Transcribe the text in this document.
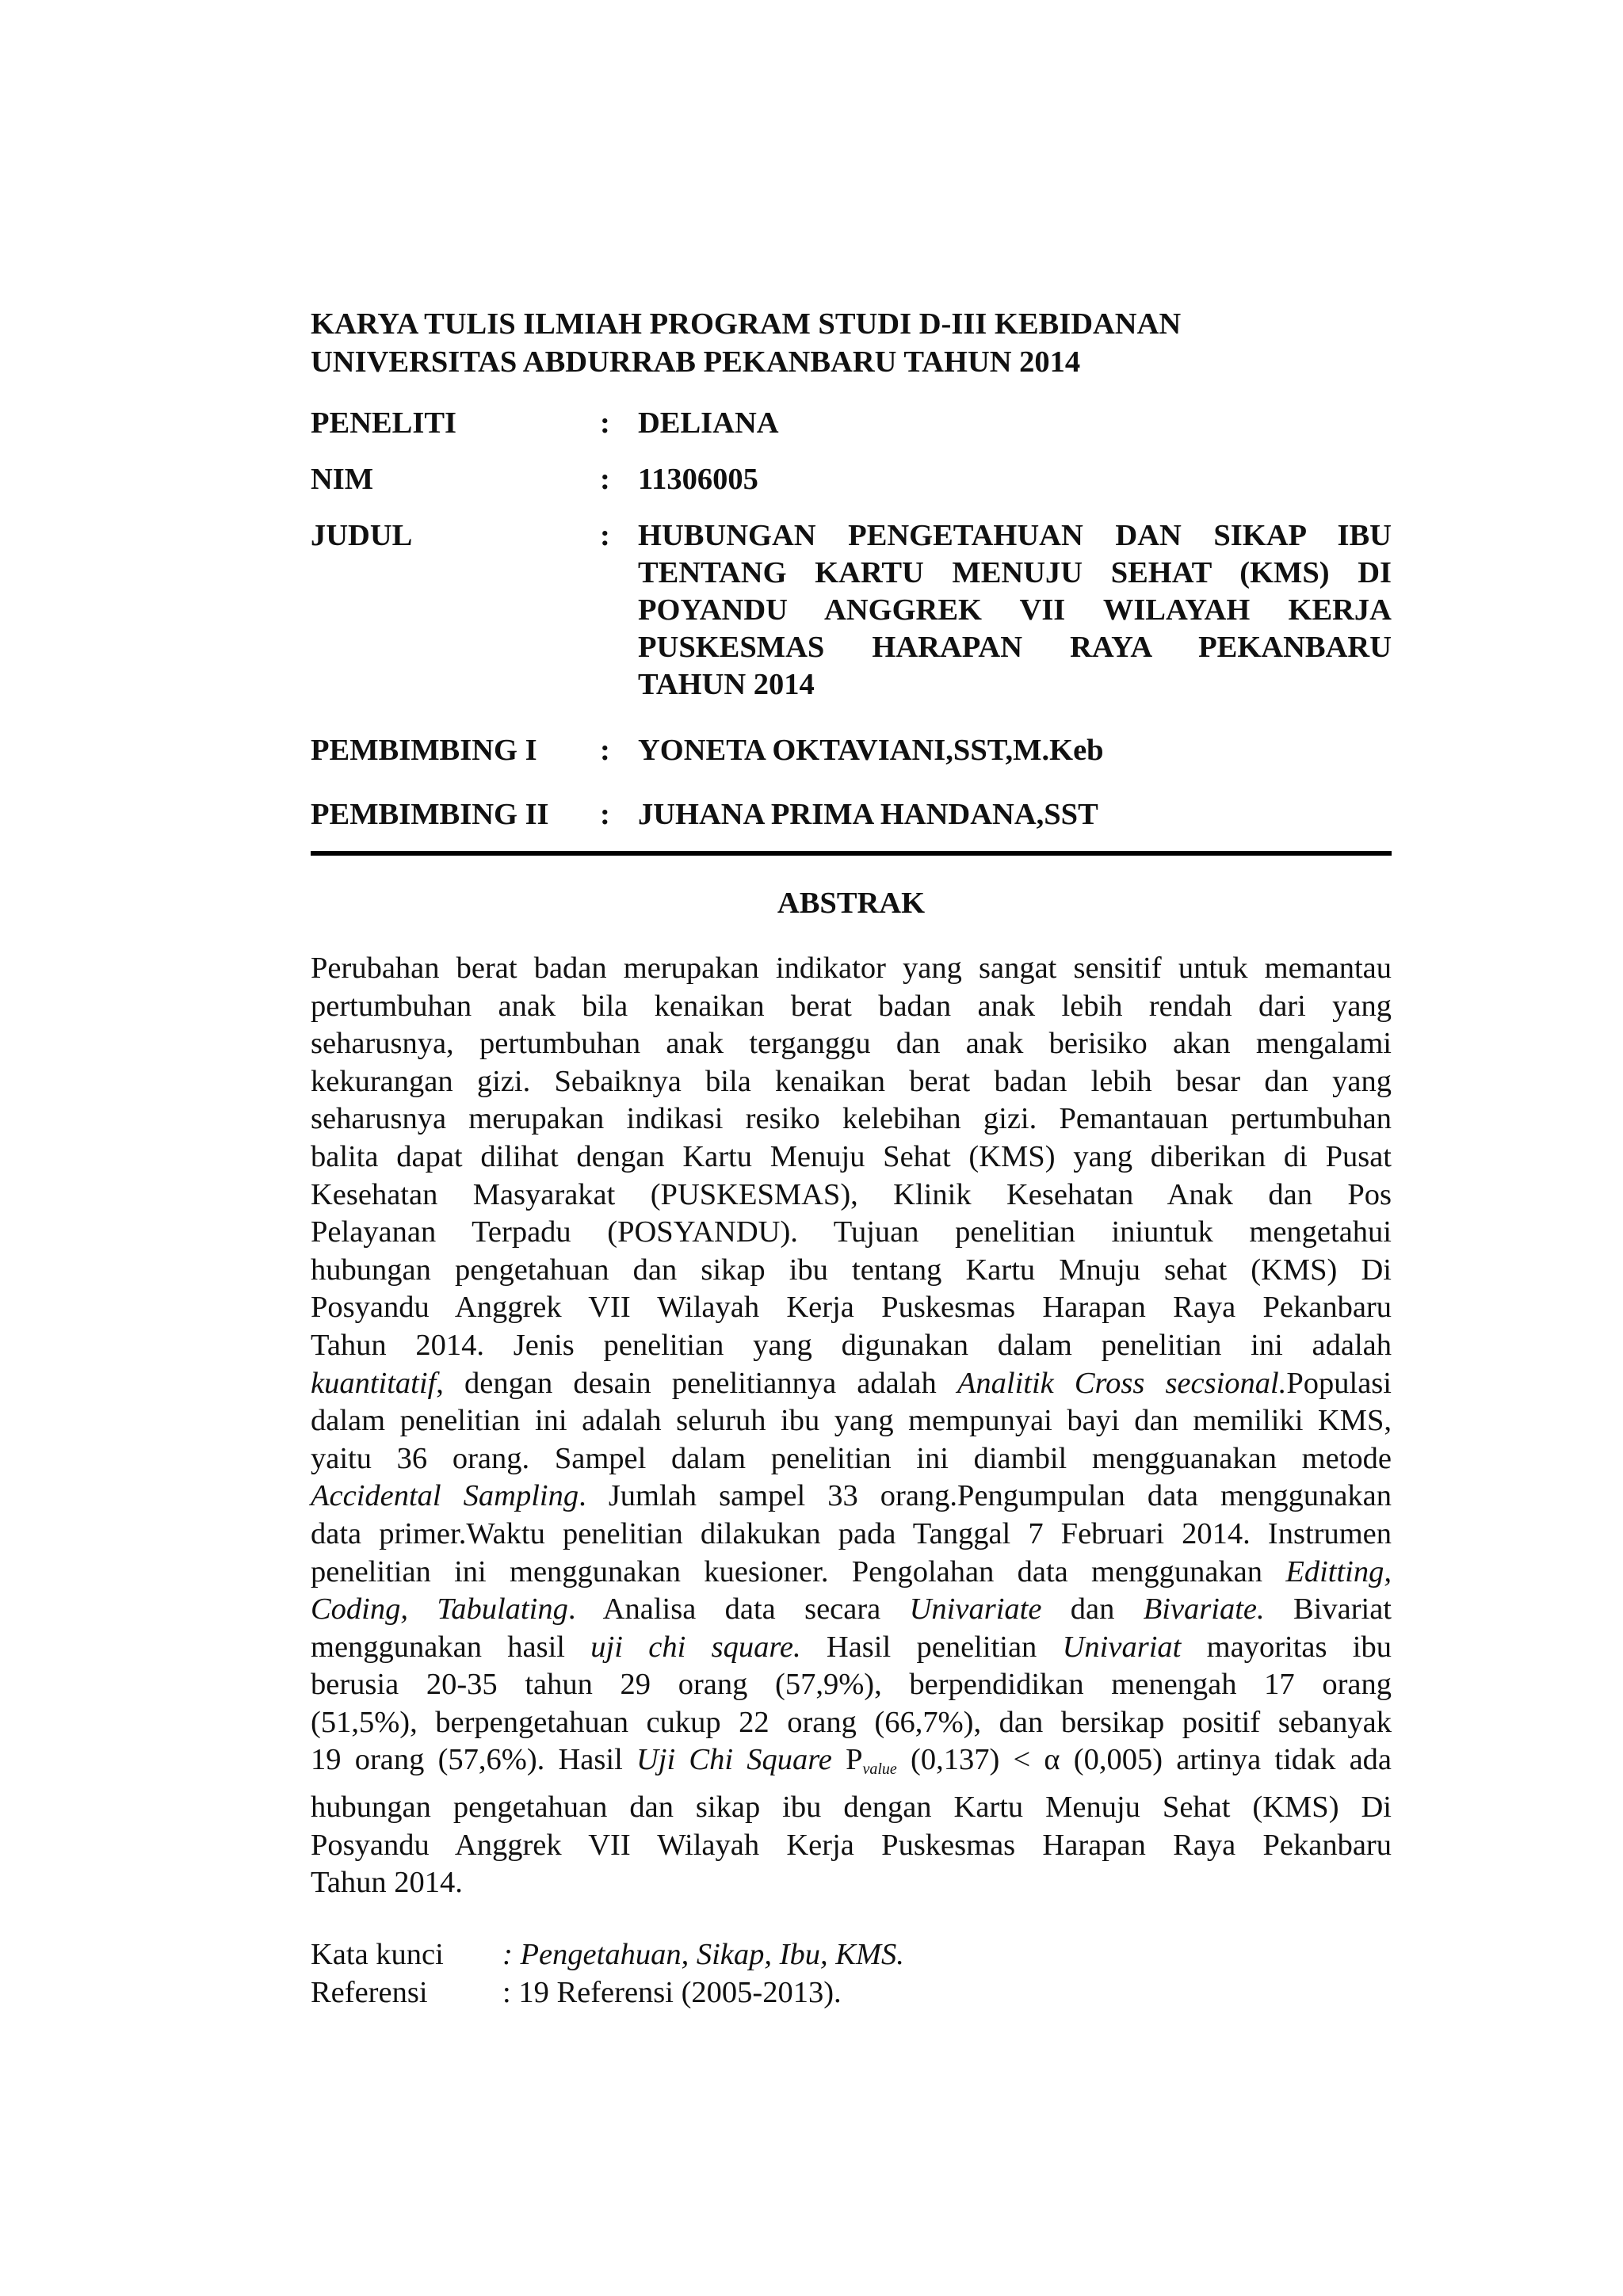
KARYA TULIS ILMIAH PROGRAM STUDI D-III KEBIDANAN

UNIVERSITAS ABDURRAB PEKANBARU TAHUN 2014

PENELITI	: DELIANA
NIM	: 11306005
JUDUL	: HUBUNGAN PENGETAHUAN DAN SIKAP IBU
TENTANG KARTU MENUJU SEHAT (KMS) DI
POYANDU ANGGREK VII WILAYAH KERJA
PUSKESMAS HARAPAN RAYA PEKANBARU
TAHUN 2014
PEMBIMBING I : YONETA OKTAVIANI,SST,M.Keb
PEMBIMBING II : JUHANA PRIMA HANDANA,SST
ABSTRAK
Perubahan berat badan merupakan indikator yang sangat sensitif untuk memantau
pertumbuhan anak bila kenaikan berat badan anak lebih rendah dari yang
seharusnya, pertumbuhan anak terganggu dan anak berisiko akan mengalami
kekurangan gizi. Sebaiknya bila kenaikan berat badan lebih besar dan yang
seharusnya merupakan indikasi resiko kelebihan gizi. Pemantauan pertumbuhan
balita dapat dilihat dengan Kartu Menuju Sehat (KMS) yang diberikan di Pusat
Kesehatan Masyarakat (PUSKESMAS), Klinik Kesehatan Anak dan Pos
Pelayanan Terpadu (POSYANDU). Tujuan penelitian iniuntuk mengetahui
hubungan pengetahuan dan sikap ibu tentang Kartu Mnuju sehat (KMS) Di
Posyandu Anggrek VII Wilayah Kerja Puskesmas Harapan Raya Pekanbaru
Tahun 2014. Jenis penelitian yang digunakan dalam penelitian ini adalah
kuantitatif, dengan desain penelitiannya adalah Analitik Cross secsional.Populasi
dalam penelitian ini adalah seluruh ibu yang mempunyai bayi dan memiliki KMS,
yaitu 36 orang. Sampel dalam penelitian ini diambil mengguanakan metode
Accidental Sampling. Jumlah sampel 33 orang.Pengumpulan data menggunakan
data primer.Waktu penelitian dilakukan pada Tanggal 7 Februari 2014. Instrumen
penelitian ini menggunakan kuesioner. Pengolahan data menggunakan Editting,
Coding, Tabulating. Analisa data secara Univariate dan Bivariate. Bivariat
menggunakan hasil uji chi square. Hasil penelitian Univariat mayoritas ibu
berusia 20-35 tahun 29 orang (57,9%), berpendidikan menengah 17 orang
(51,5%), berpengetahuan cukup 22 orang (66,7%), dan bersikap positif sebanyak
19 orang (57,6%). Hasil Uji Chi Square $P_{value}$ (0,137) < α (0,005) artinya tidak ada
hubungan pengetahuan dan sikap ibu dengan Kartu Menuju Sehat (KMS) Di
Posyandu Anggrek VII Wilayah Kerja Puskesmas Harapan Raya Pekanbaru
Tahun 2014.
Kata kunci : Pengetahuan, Sikap, Ibu, KMS.
Referensi : 19 Referensi (2005-2013).
